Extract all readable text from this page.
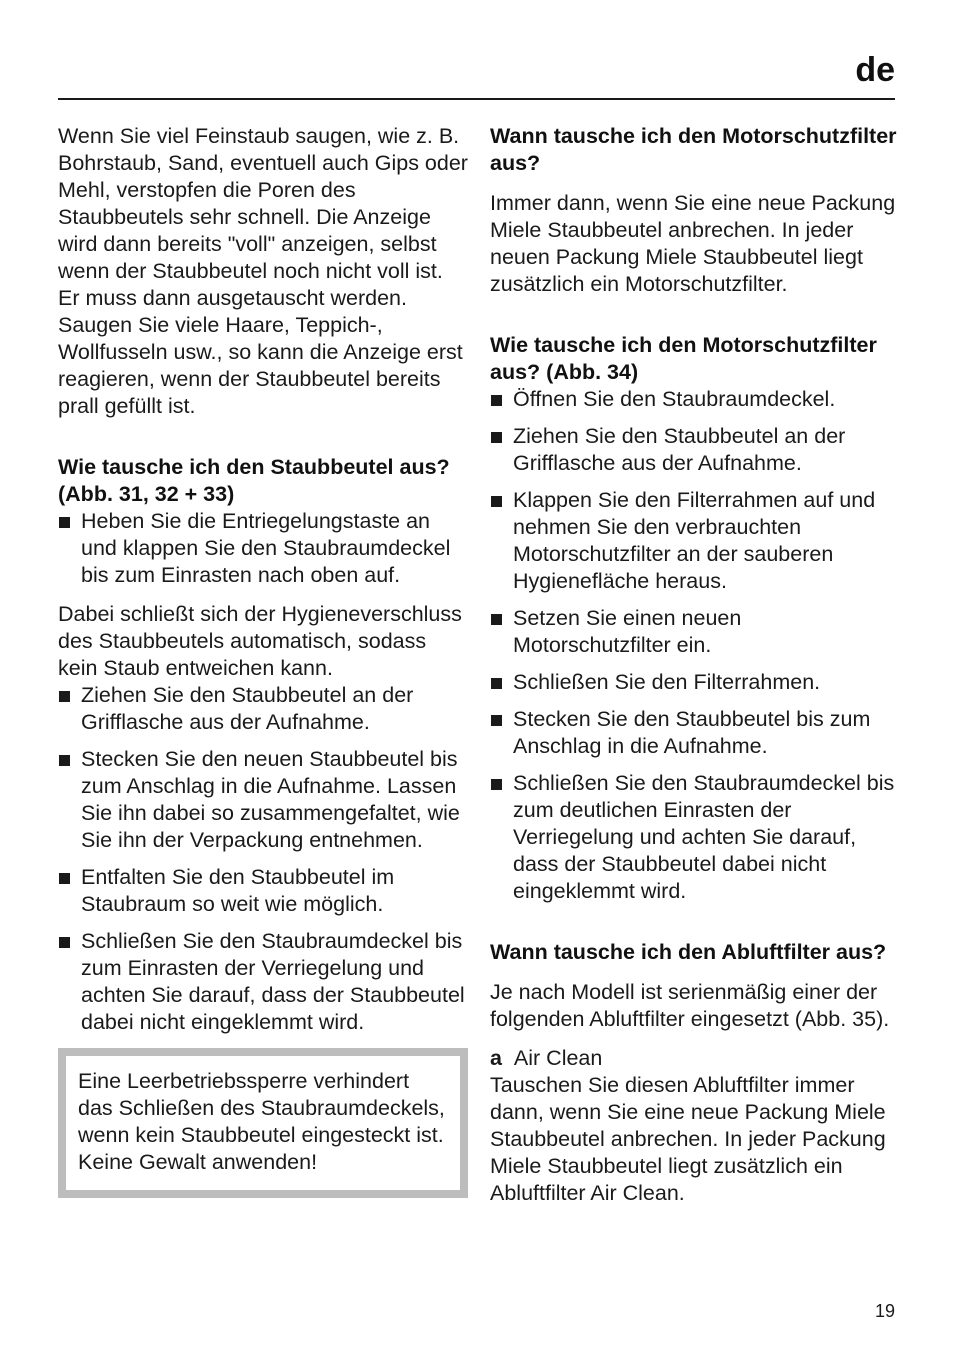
de

Wenn Sie viel Feinstaub saugen, wie z. B. Bohrstaub, Sand, eventuell auch Gips oder Mehl, verstopfen die Poren des Staubbeutels sehr schnell. Die Anzeige wird dann bereits "voll" anzeigen, selbst wenn der Staubbeutel noch nicht voll ist. Er muss dann ausgetauscht werden.

Saugen Sie viele Haare, Teppich-, Wollfusseln usw., so kann die Anzeige erst reagieren, wenn der Staubbeutel bereits prall gefüllt ist.

Wie tausche ich den Staubbeutel aus? (Abb. 31, 32 + 33)
Heben Sie die Entriegelungstaste an und klappen Sie den Staubraumdeckel bis zum Einrasten nach oben auf.

Dabei schließt sich der Hygieneverschluss des Staubbeutels automatisch, sodass kein Staub entweichen kann.

Ziehen Sie den Staubbeutel an der Grifflasche aus der Aufnahme.
Stecken Sie den neuen Staubbeutel bis zum Anschlag in die Aufnahme. Lassen Sie ihn dabei so zusammengefaltet, wie Sie ihn der Verpackung entnehmen.
Entfalten Sie den Staubbeutel im Staubraum so weit wie möglich.
Schließen Sie den Staubraumdeckel bis zum Einrasten der Verriegelung und achten Sie darauf, dass der Staubbeutel dabei nicht eingeklemmt wird.

Eine Leerbetriebssperre verhindert das Schließen des Staubraumdeckels, wenn kein Staubbeutel eingesteckt ist. Keine Gewalt anwenden!

Wann tausche ich den Motorschutzfilter aus?

Immer dann, wenn Sie eine neue Packung Miele Staubbeutel anbrechen. In jeder neuen Packung Miele Staubbeutel liegt zusätzlich ein Motorschutzfilter.

Wie tausche ich den Motorschutzfilter aus? (Abb. 34)
Öffnen Sie den Staubraumdeckel.
Ziehen Sie den Staubbeutel an der Grifflasche aus der Aufnahme.
Klappen Sie den Filterrahmen auf und nehmen Sie den verbrauchten Motorschutzfilter an der sauberen Hygienefläche heraus.
Setzen Sie einen neuen Motorschutzfilter ein.
Schließen Sie den Filterrahmen.
Stecken Sie den Staubbeutel bis zum Anschlag in die Aufnahme.
Schließen Sie den Staubraumdeckel bis zum deutlichen Einrasten der Verriegelung und achten Sie darauf, dass der Staubbeutel dabei nicht eingeklemmt wird.
Wann tausche ich den Abluftfilter aus?

Je nach Modell ist serienmäßig einer der folgenden Abluftfilter eingesetzt (Abb. 35).

a Air Clean

Tauschen Sie diesen Abluftfilter immer dann, wenn Sie eine neue Packung Miele Staubbeutel anbrechen. In jeder Packung Miele Staubbeutel liegt zusätzlich ein Abluftfilter Air Clean.

19
